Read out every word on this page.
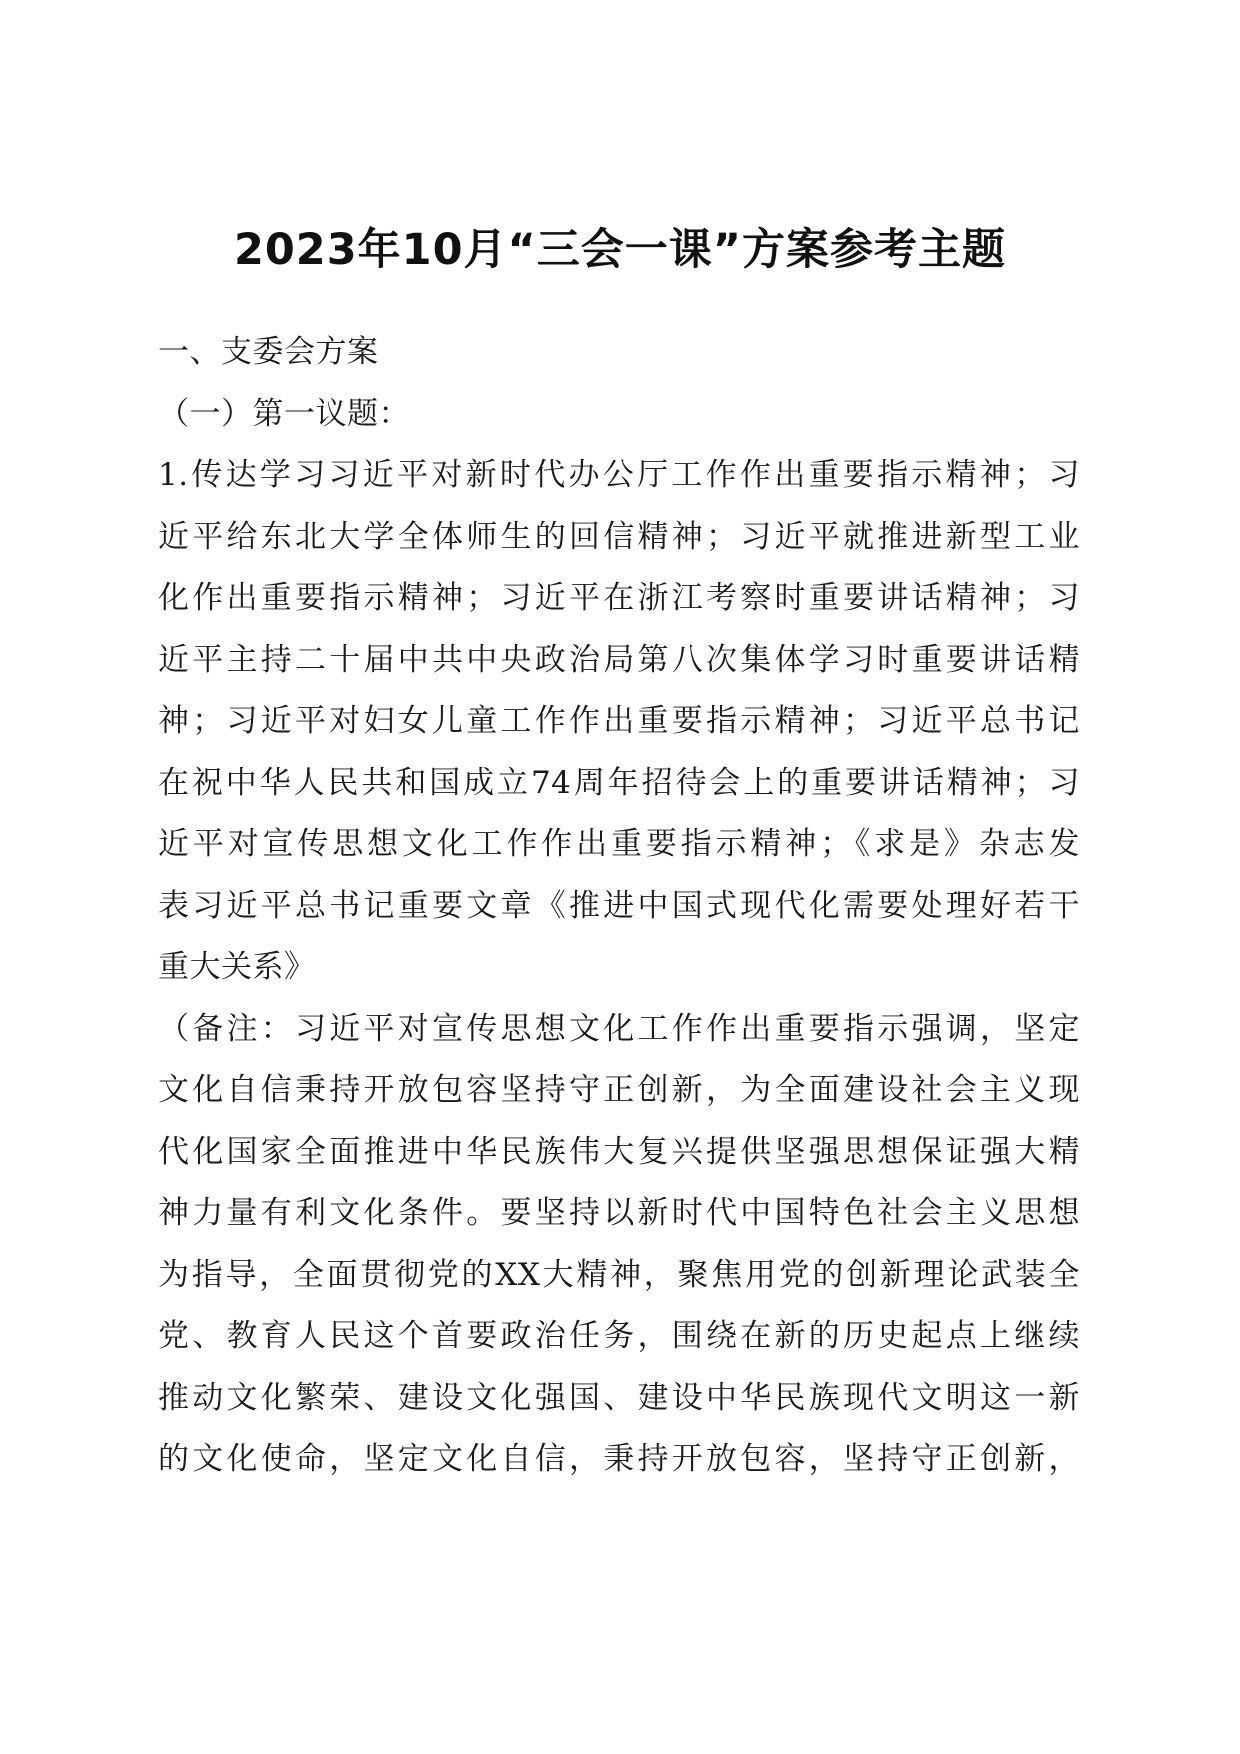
2023年10月“三会一课”方案参考主题
一、支委会方案
（一）第一议题：
1.传达学习习近平对新时代办公厅工作作出重要指示精神；习
近平给东北大学全体师生的回信精神；习近平就推进新型工业
化作出重要指示精神；习近平在浙江考察时重要讲话精神；习
近平主持二十届中共中央政治局第八次集体学习时重要讲话精
神；习近平对妇女儿童工作作出重要指示精神；习近平总书记
在祝中华人民共和国成立74周年招待会上的重要讲话精神；习
近平对宣传思想文化工作作出重要指示精神；《求是》杂志发
表习近平总书记重要文章《推进中国式现代化需要处理好若干
重大关系》
（备注：习近平对宣传思想文化工作作出重要指示强调，坚定
文化自信秉持开放包容坚持守正创新，为全面建设社会主义现
代化国家全面推进中华民族伟大复兴提供坚强思想保证强大精
神力量有利文化条件。要坚持以新时代中国特色社会主义思想
为指导，全面贯彻党的XX大精神，聚焦用党的创新理论武装全
党、教育人民这个首要政治任务，围绕在新的历史起点上继续
推动文化繁荣、建设文化强国、建设中华民族现代文明这一新
的文化使命，坚定文化自信，秉持开放包容，坚持守正创新，
